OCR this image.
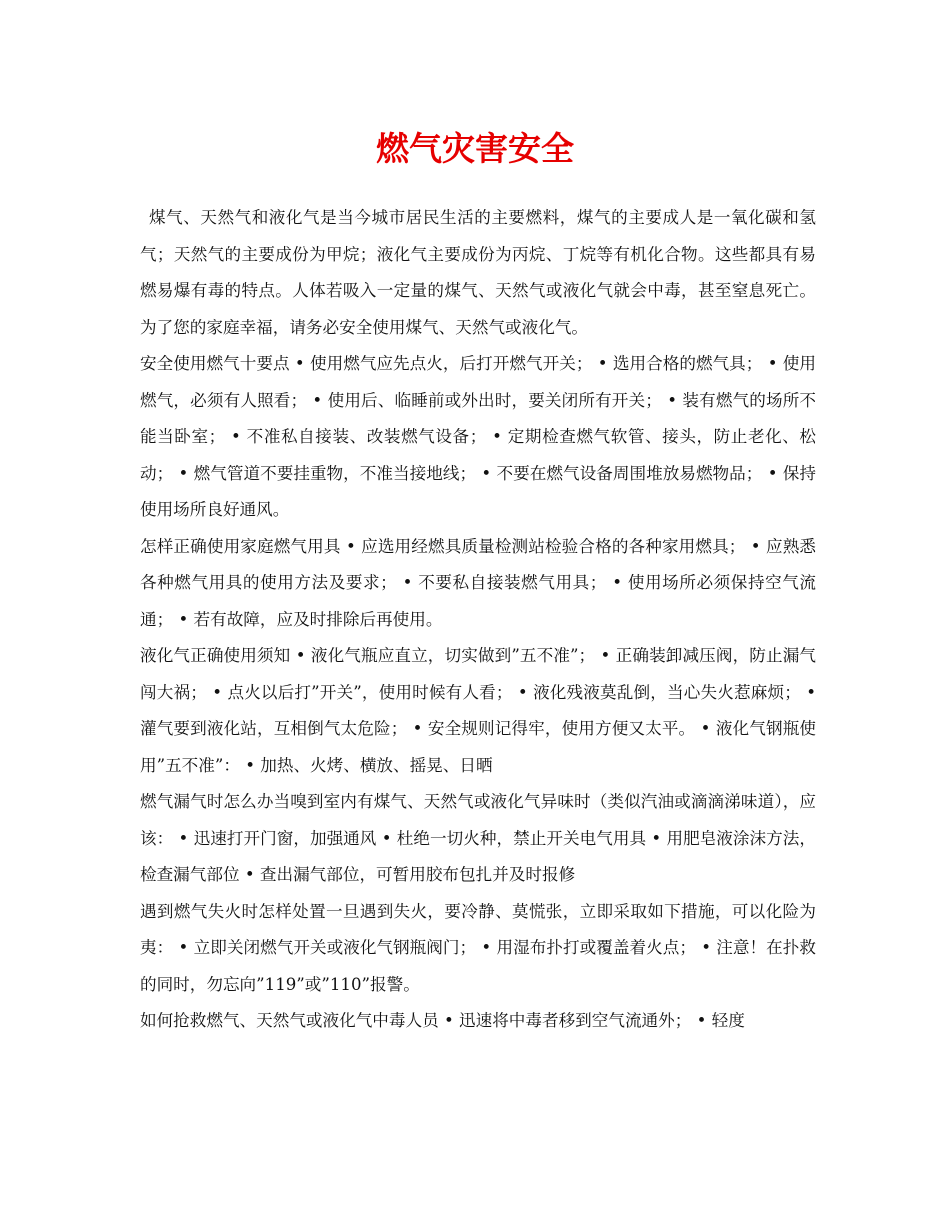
燃气灾害安全

煤气、天然气和液化气是当今城市居民生活的主要燃料，煤气的主要成人是一氧化碳和氢气；天然气的主要成份为甲烷；液化气主要成份为丙烷、丁烷等有机化合物。这些都具有易燃易爆有毒的特点。人体若吸入一定量的煤气、天然气或液化气就会中毒，甚至窒息死亡。为了您的家庭幸福，请务必安全使用煤气、天然气或液化气。

安全使用燃气十要点 • 使用燃气应先点火，后打开燃气开关； • 选用合格的燃气具； • 使用燃气，必须有人照看； • 使用后、临睡前或外出时，要关闭所有开关； • 装有燃气的场所不能当卧室； • 不准私自接装、改装燃气设备； • 定期检查燃气软管、接头，防止老化、松动； • 燃气管道不要挂重物，不准当接地线； • 不要在燃气设备周围堆放易燃物品； • 保持使用场所良好通风。

怎样正确使用家庭燃气用具 • 应选用经燃具质量检测站检验合格的各种家用燃具； • 应熟悉各种燃气用具的使用方法及要求； • 不要私自接装燃气用具； • 使用场所必须保持空气流通； • 若有故障，应及时排除后再使用。

液化气正确使用须知 • 液化气瓶应直立，切实做到”五不准”； • 正确装卸减压阀，防止漏气闯大祸； • 点火以后打”开关”，使用时候有人看； • 液化残液莫乱倒，当心失火惹麻烦； • 灌气要到液化站，互相倒气太危险； • 安全规则记得牢，使用方便又太平。 • 液化气钢瓶使用”五不准”： • 加热、火烤、横放、摇晃、日晒

燃气漏气时怎么办当嗅到室内有煤气、天然气或液化气异味时（类似汽油或滴滴涕味道），应该： • 迅速打开门窗，加强通风 • 杜绝一切火种，禁止开关电气用具 • 用肥皂液涂沫方法，检查漏气部位 • 查出漏气部位，可暂用胶布包扎并及时报修

遇到燃气失火时怎样处置一旦遇到失火，要冷静、莫慌张，立即采取如下措施，可以化险为夷： • 立即关闭燃气开关或液化气钢瓶阀门； • 用湿布扑打或覆盖着火点； • 注意！在扑救的同时，勿忘向”119”或”110”报警。

如何抢救燃气、天然气或液化气中毒人员 • 迅速将中毒者移到空气流通外； • 轻度
